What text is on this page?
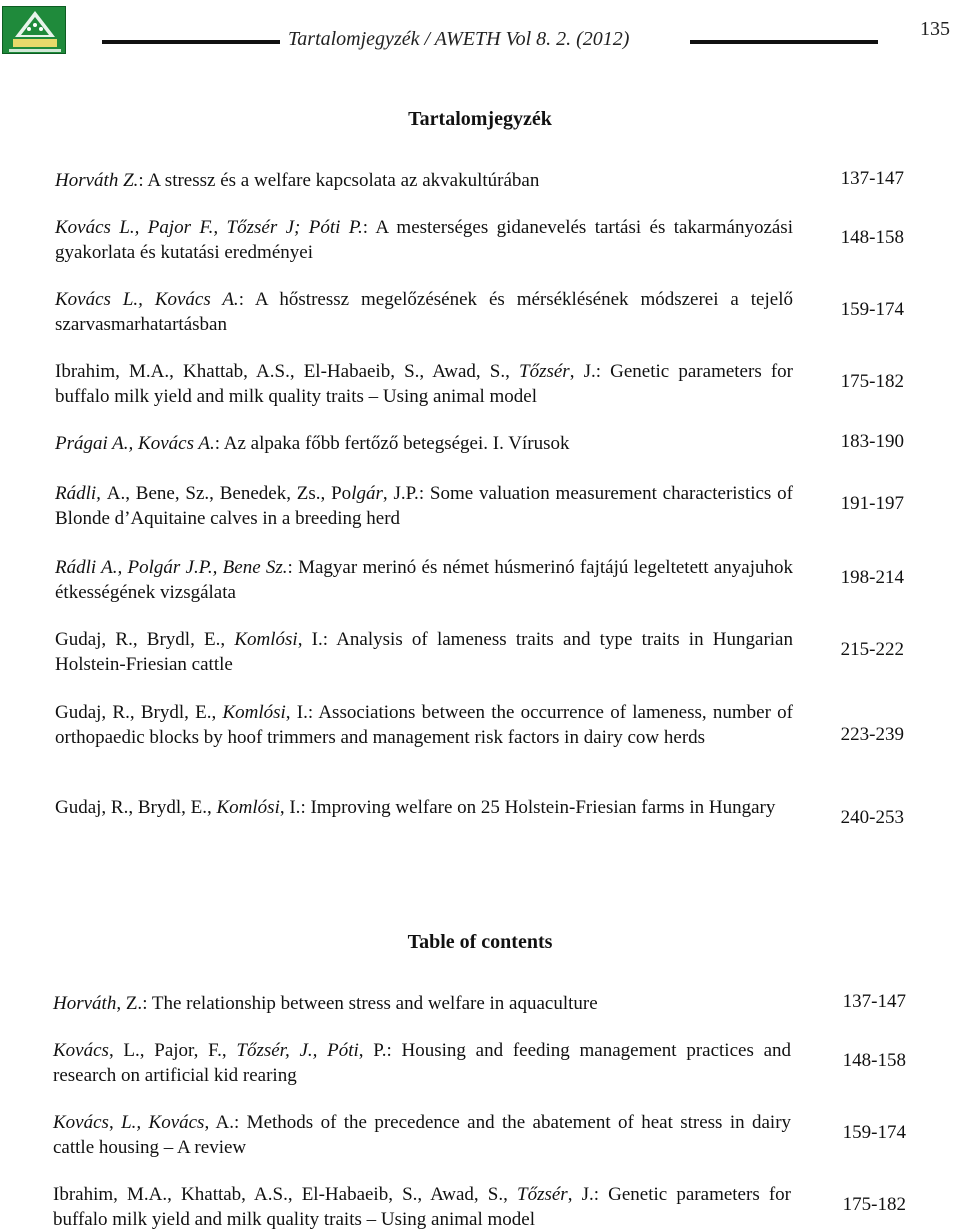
Tartalomjegyzék / AWETH Vol 8. 2. (2012)	135
Tartalomjegyzék
Horváth Z.: A stressz és a welfare kapcsolata az akvakultúrában	137-147
Kovács L., Pajor F., Tőzsér J; Póti P.: A mesterséges gidanevelés tartási és takarmányozási gyakorlata és kutatási eredményei
148-158
Kovács L., Kovács A.: A hőstressz megelőzésének és mérséklésének módszerei a tejelő szarvasmarhatartásban
159-174
Ibrahim, M.A., Khattab, A.S., El-Habaeib, S., Awad, S., Tőzsér, J.: Genetic parameters for buffalo milk yield and milk quality traits – Using animal model
175-182
Prágai A., Kovács A.: Az alpaka főbb fertőző betegségei. I. Vírusok	183-190
Rádli, A., Bene, Sz., Benedek, Zs., Polgár, J.P.: Some valuation measurement characteristics of Blonde d’Aquitaine calves in a breeding herd
191-197
Rádli A., Polgár J.P., Bene Sz.: Magyar merinó és német húsmerinó fajtájú legeltetett anyajuhok étkességének vizsgálata
198-214
Gudaj, R., Brydl, E., Komlósi, I.: Analysis of lameness traits and type traits in Hungarian Holstein-Friesian cattle
215-222
Gudaj, R., Brydl, E., Komlósi, I.: Associations between the occurrence of lameness, number of orthopaedic blocks by hoof trimmers and management risk factors in dairy cow herds	223-239
Gudaj, R., Brydl, E., Komlósi, I.: Improving welfare on 25 Holstein-Friesian farms in Hungary	240-253
Table of contents
Horváth, Z.: The relationship between stress and welfare in aquaculture	137-147
Kovács, L., Pajor, F., Tőzsér, J., Póti, P.: Housing and feeding management practices and research on artificial kid rearing
148-158
Kovács, L., Kovács, A.: Methods of the precedence and the abatement of heat stress in dairy cattle housing – A review
159-174
Ibrahim, M.A., Khattab, A.S., El-Habaeib, S., Awad, S., Tőzsér, J.: Genetic parameters for buffalo milk yield and milk quality traits – Using animal model
175-182
